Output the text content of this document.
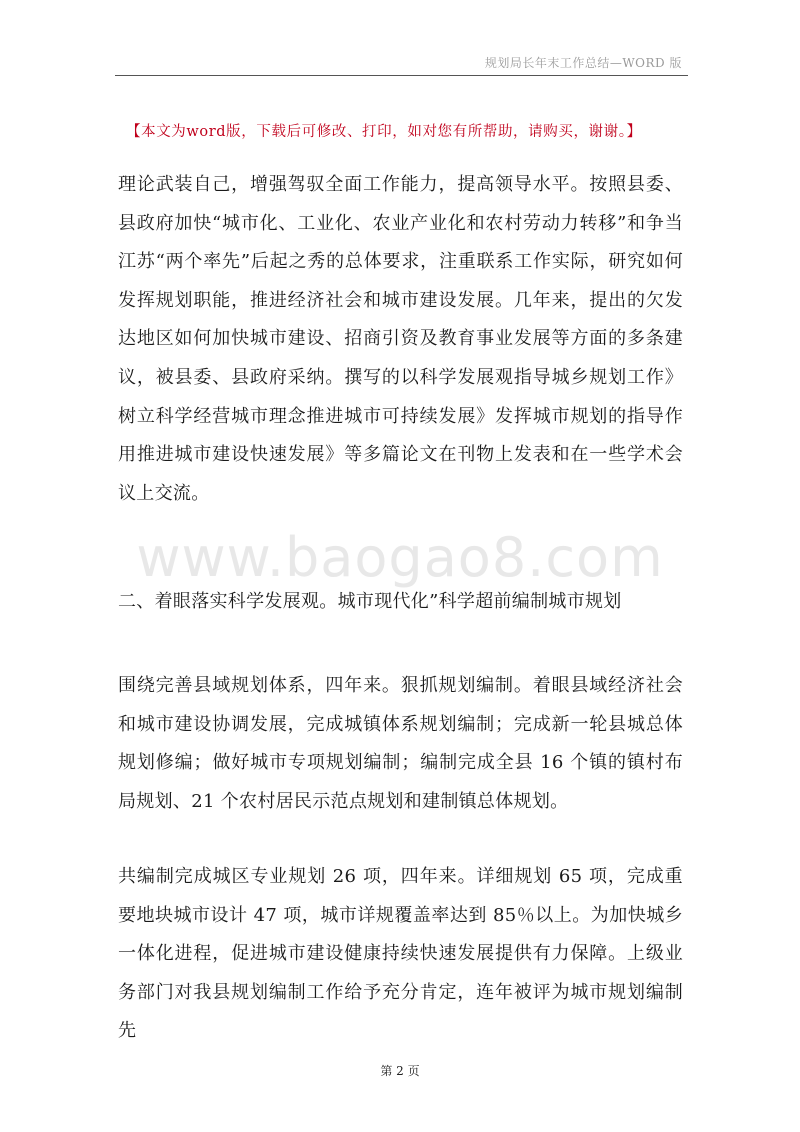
规划局长年末工作总结—WORD 版
【本文为word版，下载后可修改、打印，如对您有所帮助，请购买，谢谢。】
www.baogao8.com
理论武装自己，增强驾驭全面工作能力，提高领导水平。按照县委、县政府加快“城市化、工业化、农业产业化和农村劳动力转移”和争当江苏“两个率先”后起之秀的总体要求，注重联系工作实际，研究如何发挥规划职能，推进经济社会和城市建设发展。几年来，提出的欠发达地区如何加快城市建设、招商引资及教育事业发展等方面的多条建议，被县委、县政府采纳。撰写的以科学发展观指导城乡规划工作》树立科学经营城市理念推进城市可持续发展》发挥城市规划的指导作用推进城市建设快速发展》等多篇论文在刊物上发表和在一些学术会议上交流。
二、着眼落实科学发展观。城市现代化”科学超前编制城市规划
围绕完善县域规划体系，四年来。狠抓规划编制。着眼县域经济社会和城市建设协调发展，完成城镇体系规划编制；完成新一轮县城总体规划修编；做好城市专项规划编制；编制完成全县 16 个镇的镇村布局规划、21 个农村居民示范点规划和建制镇总体规划。
共编制完成城区专业规划 26 项，四年来。详细规划 65 项，完成重要地块城市设计 47 项，城市详规覆盖率达到 85％以上。为加快城乡一体化进程，促进城市建设健康持续快速发展提供有力保障。上级业务部门对我县规划编制工作给予充分肯定，连年被评为城市规划编制先
第 2 页
